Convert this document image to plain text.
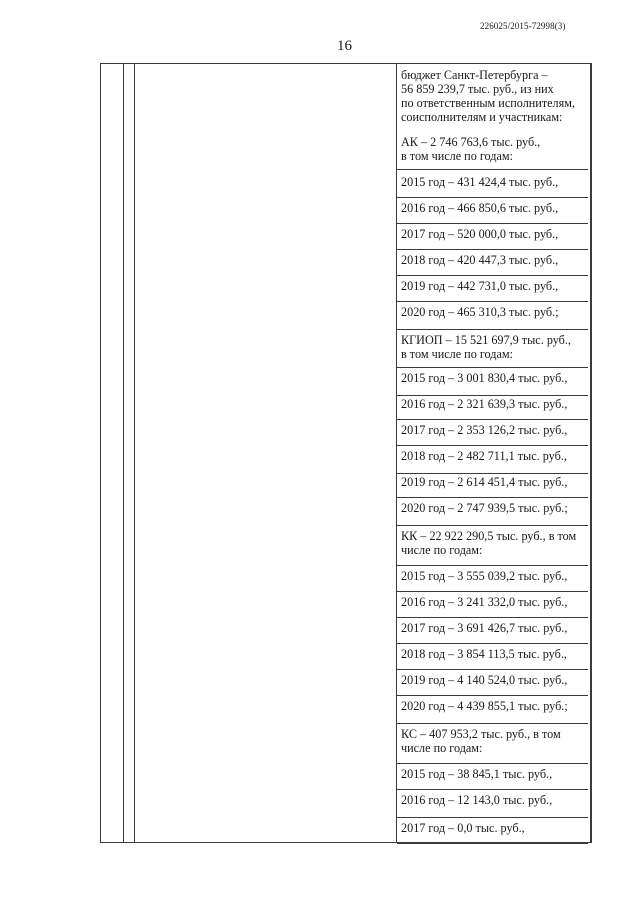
226025/2015-72998(3)
16
бюджет Санкт-Петербурга –
56 859 239,7 тыс. руб., из них
по ответственным исполнителям,
соисполнителям и участникам:
АК – 2 746 763,6 тыс. руб.,
в том числе по годам:
2015 год – 431 424,4 тыс. руб.,
2016 год – 466 850,6 тыс. руб.,
2017 год – 520 000,0 тыс. руб.,
2018 год – 420 447,3 тыс. руб.,
2019 год – 442 731,0 тыс. руб.,
2020 год – 465 310,3 тыс. руб.;
КГИОП – 15 521 697,9 тыс. руб.,
в том числе по годам:
2015 год – 3 001 830,4 тыс. руб.,
2016 год – 2 321 639,3 тыс. руб.,
2017 год – 2 353 126,2 тыс. руб.,
2018 год – 2 482 711,1 тыс. руб.,
2019 год – 2 614 451,4 тыс. руб.,
2020 год – 2 747 939,5 тыс. руб.;
КК – 22 922 290,5 тыс. руб., в том
числе по годам:
2015 год – 3 555 039,2 тыс. руб.,
2016 год – 3 241 332,0 тыс. руб.,
2017 год – 3 691 426,7 тыс. руб.,
2018 год – 3 854 113,5 тыс. руб.,
2019 год – 4 140 524,0 тыс. руб.,
2020 год – 4 439 855,1 тыс. руб.;
КС – 407 953,2 тыс. руб., в том
числе по годам:
2015 год – 38 845,1 тыс. руб.,
2016 год – 12 143,0 тыс. руб.,
2017 год – 0,0 тыс. руб.,
